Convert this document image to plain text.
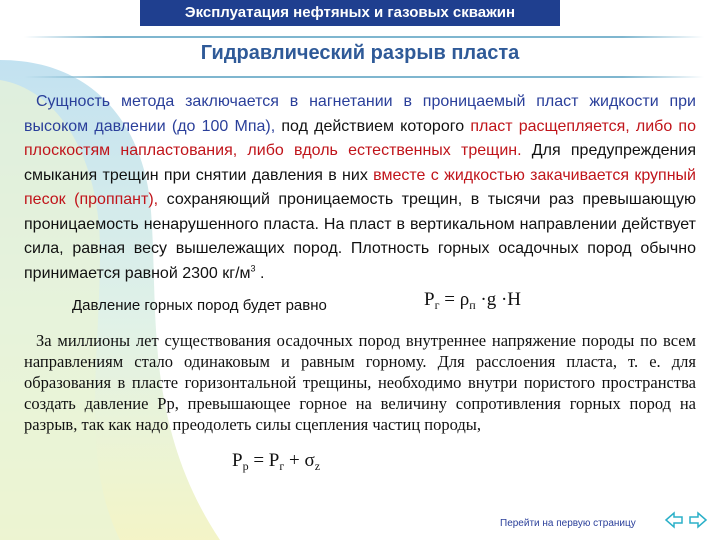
Эксплуатация нефтяных и газовых скважин
Гидравлический разрыв пласта

Сущность метода заключается в нагнетании в проницаемый пласт жидкости при высоком давлении (до 100 Мпа), под действием которого пласт расщепляется, либо по плоскостям напластования, либо вдоль естественных трещин. Для предупреждения смыкания трещин при снятии давления в них вместе с жидкостью закачивается крупный песок (проппант), сохраняющий проницаемость трещин, в тысячи раз превышающую проницаемость ненарушенного пласта. На пласт в вертикальном направлении действует сила, равная весу вышележащих пород. Плотность горных осадочных пород обычно принимается равной 2300 $кг/м^3$ .

Давление горных пород будет равно	$P_г = \rho_п \cdot g \cdot H$

За миллионы лет существования осадочных пород внутреннее напряжение породы по всем направлениям стало одинаковым и равным горному. Для расслоения пласта, т. е. для образования в пласте горизонтальной трещины, необходимо внутри пористого пространства создать давление Рр, превышающее горное на величину сопротивления горных пород на разрыв, так как надо преодолеть силы сцепления частиц породы,

$P_р = P_г + \sigma_z$
Перейти на первую страницу
